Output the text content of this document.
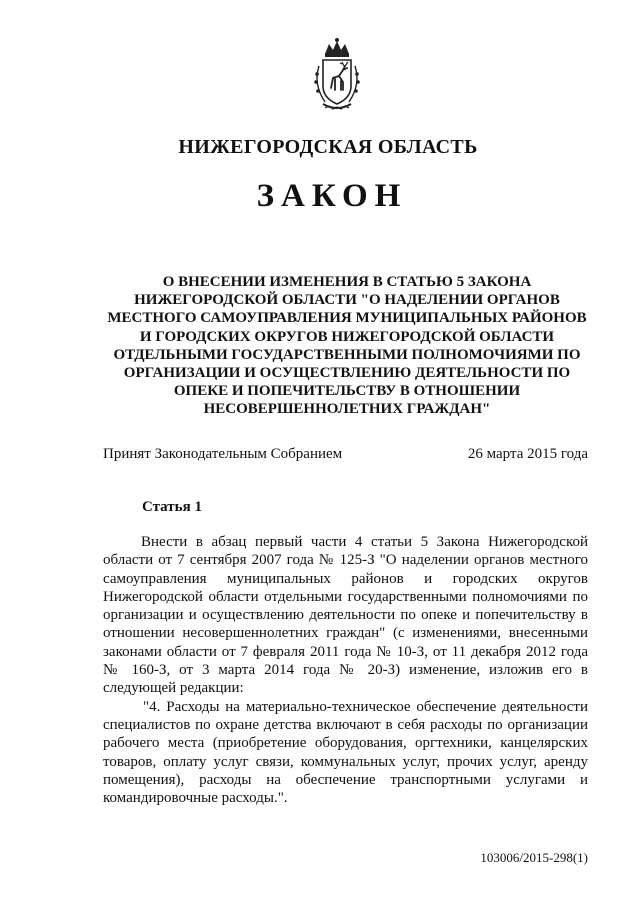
НИЖЕГОРОДСКАЯ ОБЛАСТЬ
ЗАКОН
О ВНЕСЕНИИ ИЗМЕНЕНИЯ В СТАТЬЮ 5 ЗАКОНА
НИЖЕГОРОДСКОЙ ОБЛАСТИ "О НАДЕЛЕНИИ ОРГАНОВ
МЕСТНОГО САМОУПРАВЛЕНИЯ МУНИЦИПАЛЬНЫХ РАЙОНОВ
И ГОРОДСКИХ ОКРУГОВ НИЖЕГОРОДСКОЙ ОБЛАСТИ
ОТДЕЛЬНЫМИ ГОСУДАРСТВЕННЫМИ ПОЛНОМОЧИЯМИ ПО
ОРГАНИЗАЦИИ И ОСУЩЕСТВЛЕНИЮ ДЕЯТЕЛЬНОСТИ ПО
ОПЕКЕ И ПОПЕЧИТЕЛЬСТВУ В ОТНОШЕНИИ
НЕСОВЕРШЕННОЛЕТНИХ ГРАЖДАН"
Принят Законодательным Собранием	26 марта 2015 года
Статья 1

Внести в абзац первый части 4 статьи 5 Закона Нижегородской области от 7 сентября 2007 года № 125-З "О наделении органов местного самоуправления муниципальных районов и городских округов Нижегородской области отдельными государственными полномочиями по организации и осуществлению деятельности по опеке и попечительству в отношении несовершеннолетних граждан" (с изменениями, внесенными законами области от 7 февраля 2011 года № 10-З, от 11 декабря 2012 года № 160-З, от 3 марта 2014 года № 20-З) изменение, изложив его в следующей редакции:

"4. Расходы на материально-техническое обеспечение деятельности специалистов по охране детства включают в себя расходы по организации рабочего места (приобретение оборудования, оргтехники, канцелярских товаров, оплату услуг связи, коммунальных услуг, прочих услуг, аренду помещения), расходы на обеспечение транспортными услугами и командировочные расходы.".

103006/2015-298(1)
